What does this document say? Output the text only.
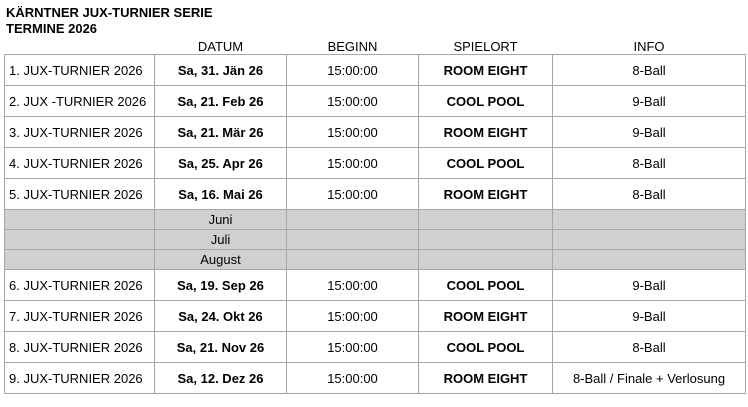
KÄRNTNER JUX-TURNIER SERIE
TERMINE 2026
	DATUM	BEGINN	SPIELORT	INFO
1. JUX-TURNIER 2026	Sa, 31. Jän 26	15:00:00	ROOM EIGHT	8-Ball
2. JUX -TURNIER 2026	Sa, 21. Feb 26	15:00:00	COOL POOL	9-Ball
3. JUX-TURNIER 2026	Sa, 21. Mär 26	15:00:00	ROOM EIGHT	9-Ball
4. JUX-TURNIER 2026	Sa, 25. Apr 26	15:00:00	COOL POOL	8-Ball
5. JUX-TURNIER 2026	Sa, 16. Mai 26	15:00:00	ROOM EIGHT	8-Ball
	Juni			
	Juli			
	August			
6. JUX-TURNIER 2026	Sa, 19. Sep 26	15:00:00	COOL POOL	9-Ball
7. JUX-TURNIER 2026	Sa, 24. Okt 26	15:00:00	ROOM EIGHT	9-Ball
8. JUX-TURNIER 2026	Sa, 21. Nov 26	15:00:00	COOL POOL	8-Ball
9. JUX-TURNIER 2026	Sa, 12. Dez 26	15:00:00	ROOM EIGHT	8-Ball / Finale + Verlosung
